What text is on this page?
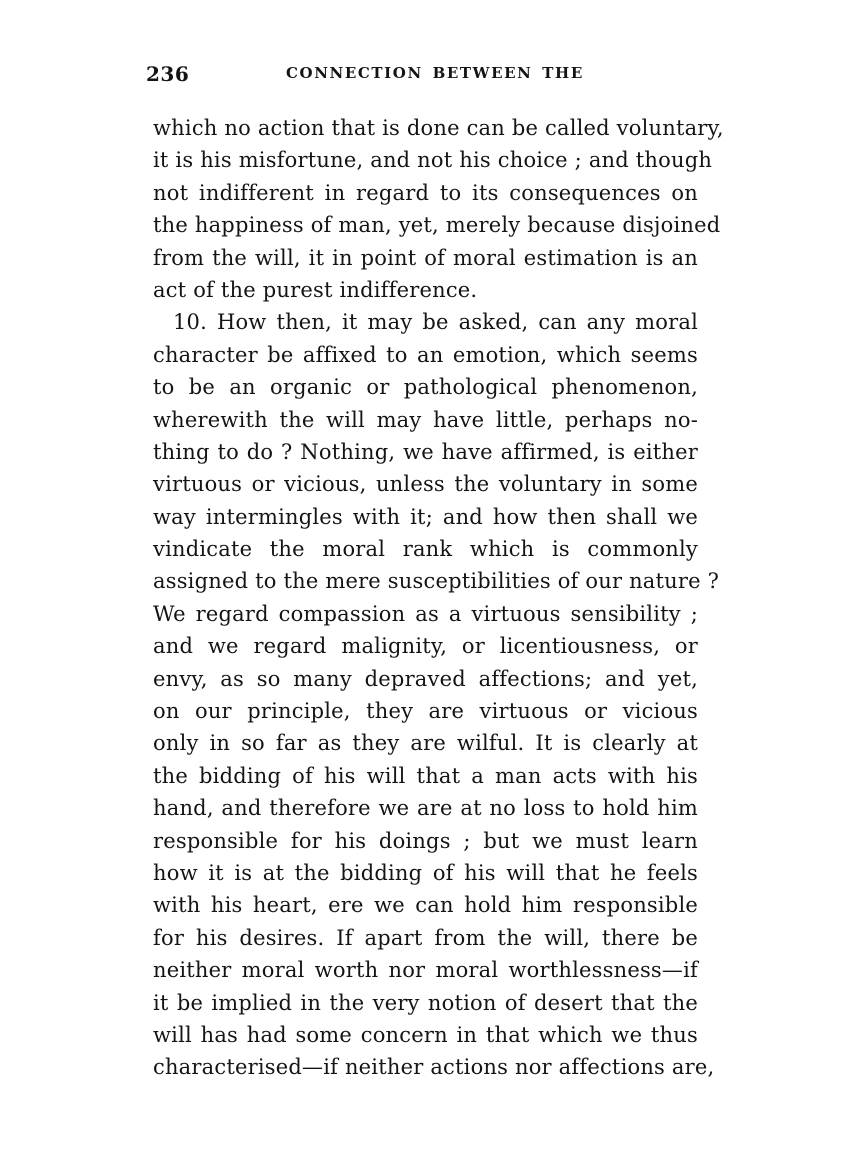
236	CONNECTION BETWEEN THE
which no action that is done can be called voluntary,
it is his misfortune, and not his choice ; and though
not indifferent in regard to its consequences on
the happiness of man, yet, merely because disjoined
from the will, it in point of moral estimation is an
act of the purest indifference.
10. How then, it may be asked, can any moral
character be affixed to an emotion, which seems
to be an organic or pathological phenomenon,
wherewith the will may have little, perhaps no-
thing to do ? Nothing, we have affirmed, is either
virtuous or vicious, unless the voluntary in some
way intermingles with it; and how then shall we
vindicate the moral rank which is commonly
assigned to the mere susceptibilities of our nature ?
We regard compassion as a virtuous sensibility ;
and we regard malignity, or licentiousness, or
envy, as so many depraved affections; and yet,
on our principle, they are virtuous or vicious
only in so far as they are wilful. It is clearly at
the bidding of his will that a man acts with his
hand, and therefore we are at no loss to hold him
responsible for his doings ; but we must learn
how it is at the bidding of his will that he feels
with his heart, ere we can hold him responsible
for his desires. If apart from the will, there be
neither moral worth nor moral worthlessness—if
it be implied in the very notion of desert that the
will has had some concern in that which we thus
characterised—if neither actions nor affections are,
